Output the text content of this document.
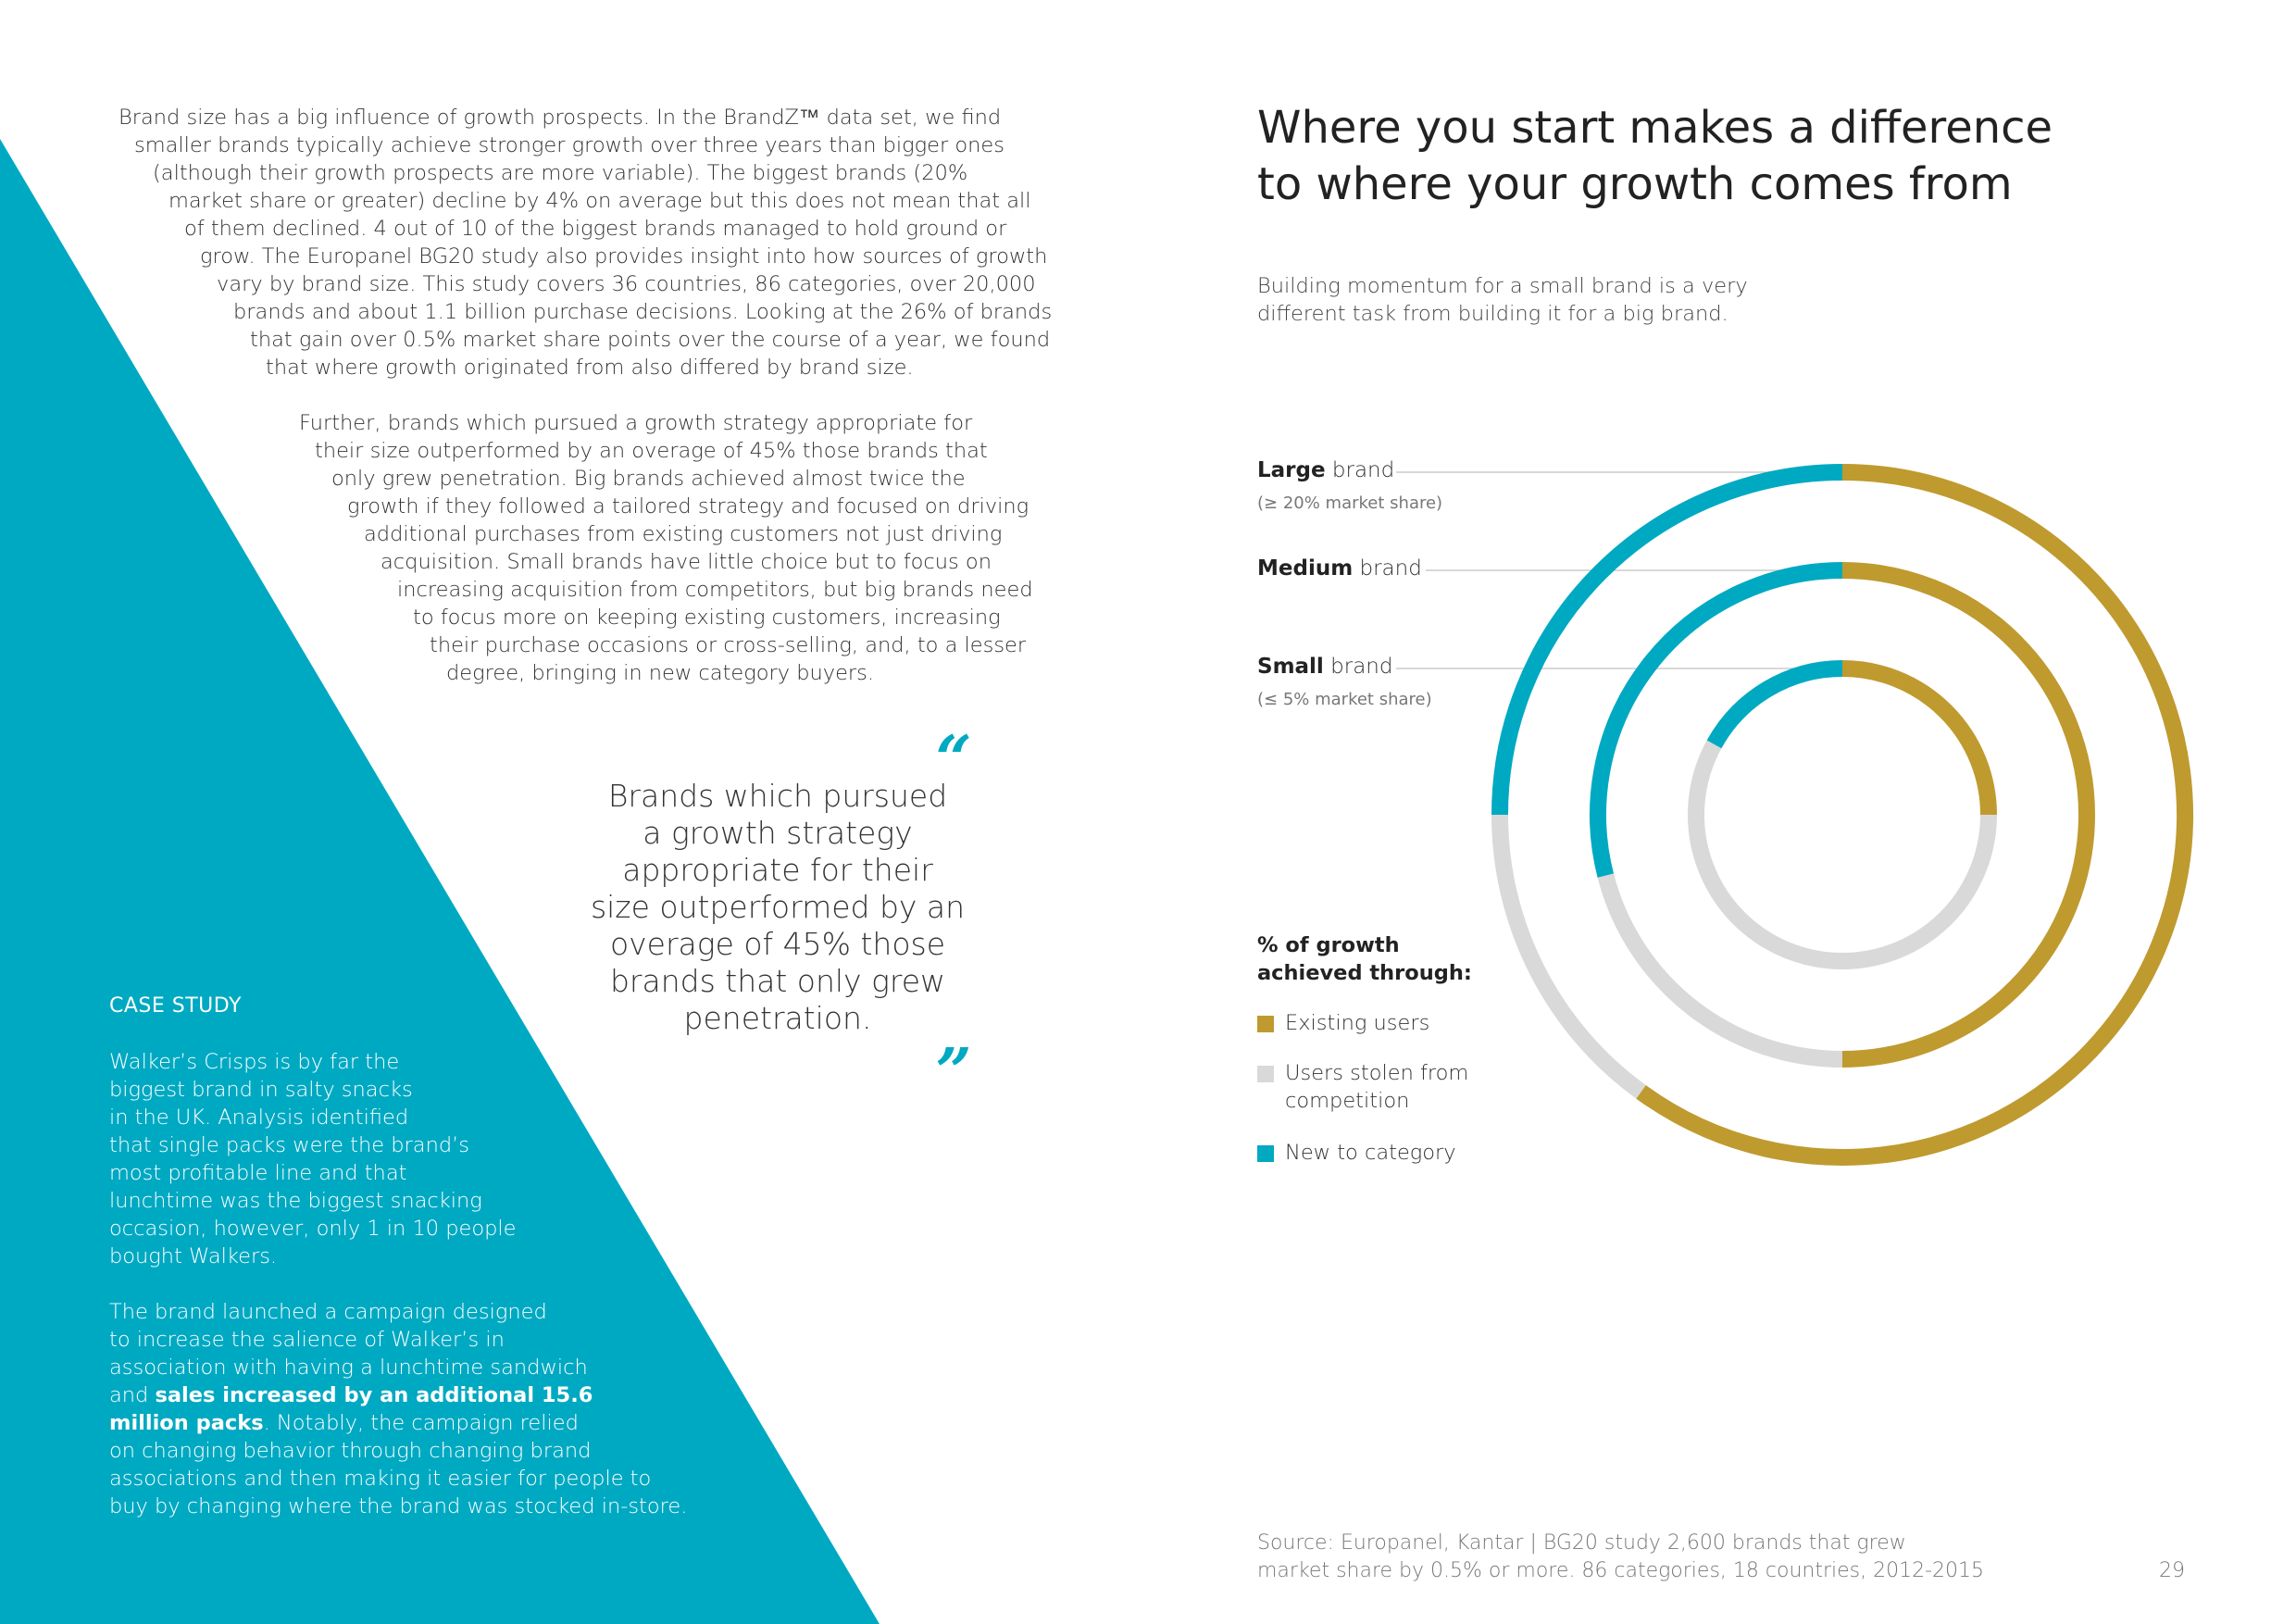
Brand size has a big influence of growth prospects. In the BrandZ™ data set, we find
smaller brands typically achieve stronger growth over three years than bigger ones
(although their growth prospects are more variable). The biggest brands (20%
market share or greater) decline by 4% on average but this does not mean that all
of them declined. 4 out of 10 of the biggest brands managed to hold ground or
grow. The Europanel BG20 study also provides insight into how sources of growth
vary by brand size. This study covers 36 countries, 86 categories, over 20,000
brands and about 1.1 billion purchase decisions. Looking at the 26% of brands
that gain over 0.5% market share points over the course of a year, we found
that where growth originated from also differed by brand size.
Further, brands which pursued a growth strategy appropriate for
their size outperformed by an overage of 45% those brands that
only grew penetration. Big brands achieved almost twice the
growth if they followed a tailored strategy and focused on driving
additional purchases from existing customers not just driving
acquisition. Small brands have little choice but to focus on
increasing acquisition from competitors, but big brands need
to focus more on keeping existing customers, increasing
their purchase occasions or cross-selling, and, to a lesser
degree, bringing in new category buyers.
“
Brands which pursued
a growth strategy
appropriate for their
size outperformed by an
overage of 45% those
brands that only grew
penetration.
”
CASE STUDY
Walker’s Crisps is by far the
biggest brand in salty snacks
in the UK. Analysis identified
that single packs were the brand’s
most profitable line and that
lunchtime was the biggest snacking
occasion, however, only 1 in 10 people
bought Walkers.
The brand launched a campaign designed
to increase the salience of Walker’s in
association with having a lunchtime sandwich
and sales increased by an additional 15.6
million packs. Notably, the campaign relied
on changing behavior through changing brand
associations and then making it easier for people to
buy by changing where the brand was stocked in-store.
Where you start makes a difference
to where your growth comes from
Building momentum for a small brand is a very
different task from building it for a big brand.
Large brand
(≥ 20% market share)
Medium brand
Small brand
(≤ 5% market share)
% of growth
achieved through:
Existing users
Users stolen from
competition
New to category
Source: Europanel, Kantar | BG20 study 2,600 brands that grew
market share by 0.5% or more. 86 categories, 18 countries, 2012-2015	29
